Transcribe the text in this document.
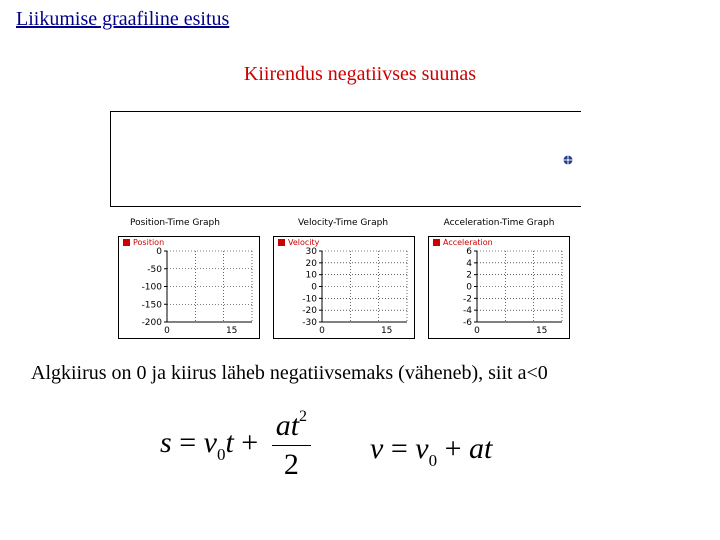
Liikumise graafiline esitus
Kiirendus negatiivses suunas
Position-Time Graph	Velocity-Time Graph	Acceleration-Time Graph
Position
0
-50
-100
-150
-200
0	15
Velocity
30
20
10
0
-10
-20
-30
0	15
Acceleration
6
4
2
0
-2
-4
-6
0	15
Algkiirus on 0 ja kiirus läheb negatiivsemaks (väheneb), siit a<0
$s = v_0t + \frac{at^2}{2}$ $v = v_0$ + at
